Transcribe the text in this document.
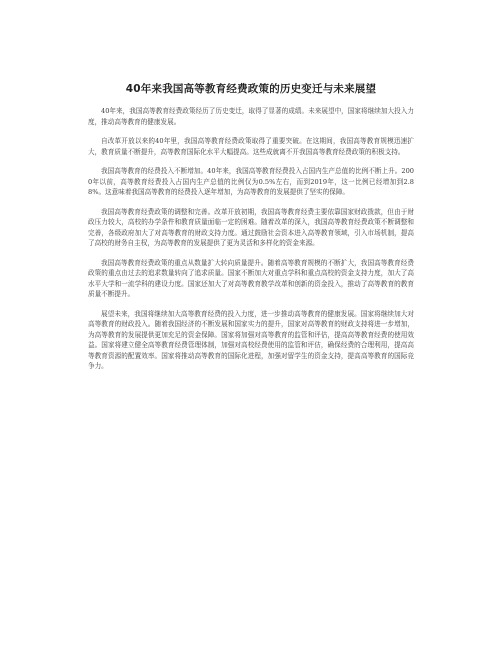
40年来我国高等教育经费政策的历史变迁与未来展望

40年来，我国高等教育经费政策经历了历史变迁，取得了显著的成绩。未来展望中，国家将继续加大投入力度，推动高等教育的健康发展。

自改革开放以来的40年里，我国高等教育经费政策取得了重要突破。在这期间，我国高等教育规模迅速扩大，教育质量不断提升，高等教育国际化水平大幅提高。这些成就离不开我国高等教育经费政策的积极支持。

我国高等教育的经费投入不断增加。40年来，我国高等教育经费投入占国内生产总值的比例不断上升。2000年以前，高等教育经费投入占国内生产总值的比例仅为0.5%左右，而到2019年，这一比例已经增加到2.88%。这意味着我国高等教育的经费投入逐年增加，为高等教育的发展提供了坚实的保障。

我国高等教育经费政策的调整和完善。改革开放初期，我国高等教育经费主要依靠国家财政拨款，但由于财政压力较大，高校的办学条件和教育质量面临一定的困难。随着改革的深入，我国高等教育经费政策不断调整和完善，各级政府加大了对高等教育的财政支持力度。通过鼓励社会资本进入高等教育领域，引入市场机制，提高了高校的财务自主权，为高等教育的发展提供了更为灵活和多样化的资金来源。

我国高等教育经费政策的重点从数量扩大转向质量提升。随着高等教育规模的不断扩大，我国高等教育经费政策的重点由过去的追求数量转向了追求质量。国家不断加大对重点学科和重点高校的资金支持力度，加大了高水平大学和一流学科的建设力度。国家还加大了对高等教育教学改革和创新的资金投入，推动了高等教育的教育质量不断提升。

展望未来，我国将继续加大高等教育经费的投入力度，进一步推动高等教育的健康发展。国家将继续加大对高等教育的财政投入。随着我国经济的不断发展和国家实力的提升，国家对高等教育的财政支持将进一步增加，为高等教育的发展提供更加充足的资金保障。国家将加强对高等教育的监管和评估，提高高等教育经费的使用效益。国家将建立健全高等教育经费管理体制，加强对高校经费使用的监管和评估，确保经费的合理利用，提高高等教育资源的配置效率。国家将推动高等教育的国际化进程，加强对留学生的资金支持，提高高等教育的国际竞争力。
